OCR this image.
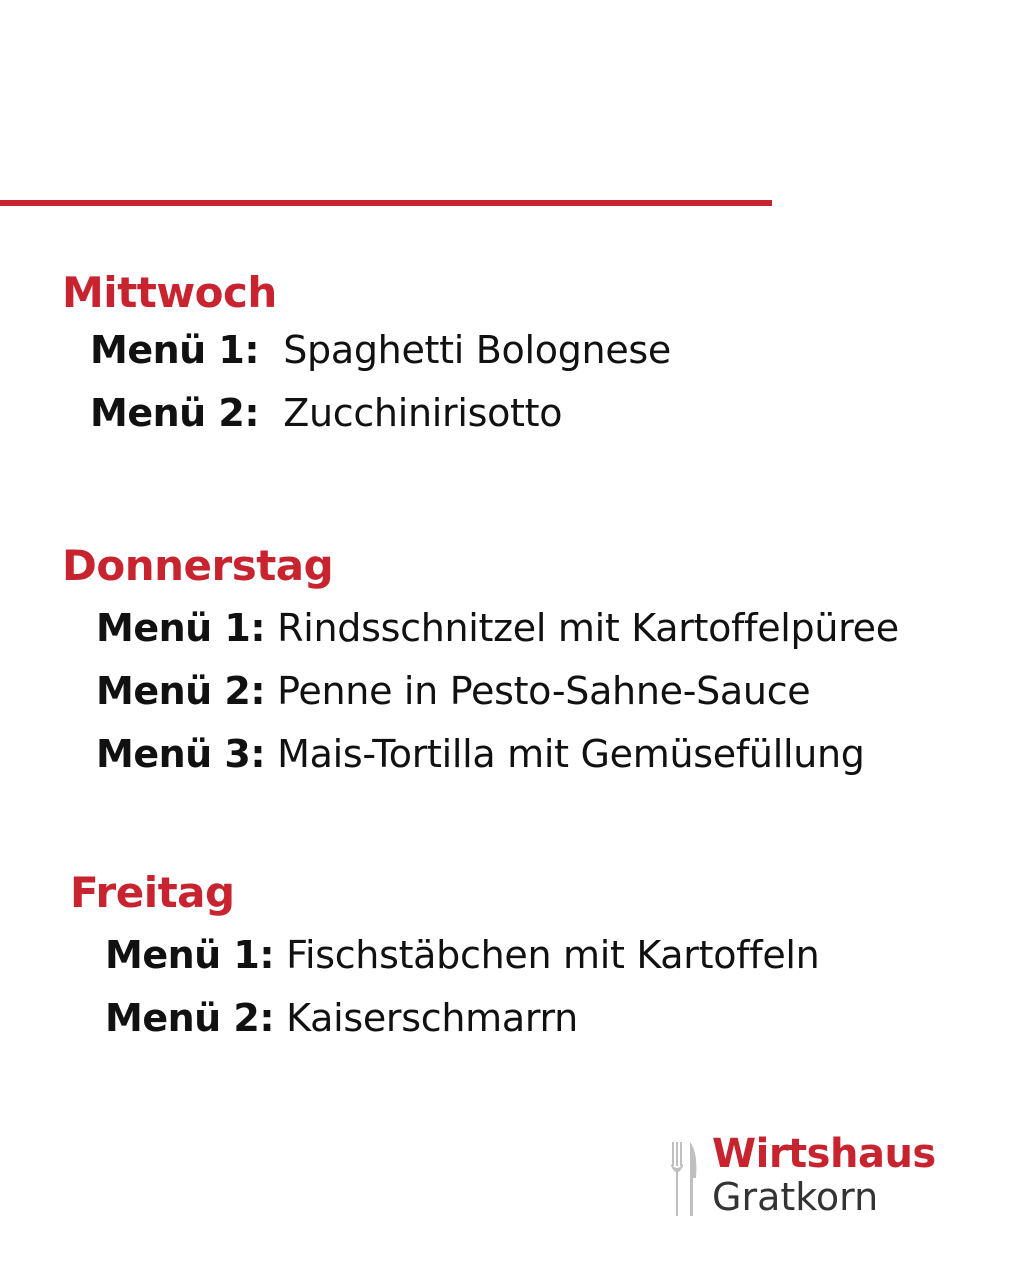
Mittwoch
Menü 1: Spaghetti Bolognese
Menü 2: Zucchinirisotto
Donnerstag
Menü 1: Rindsschnitzel mit Kartoffelpüree
Menü 2: Penne in Pesto-Sahne-Sauce
Menü 3: Mais-Tortilla mit Gemüsefüllung
Freitag
Menü 1: Fischstäbchen mit Kartoffeln
Menü 2: Kaiserschmarrn
Wirtshaus
Gratkorn
